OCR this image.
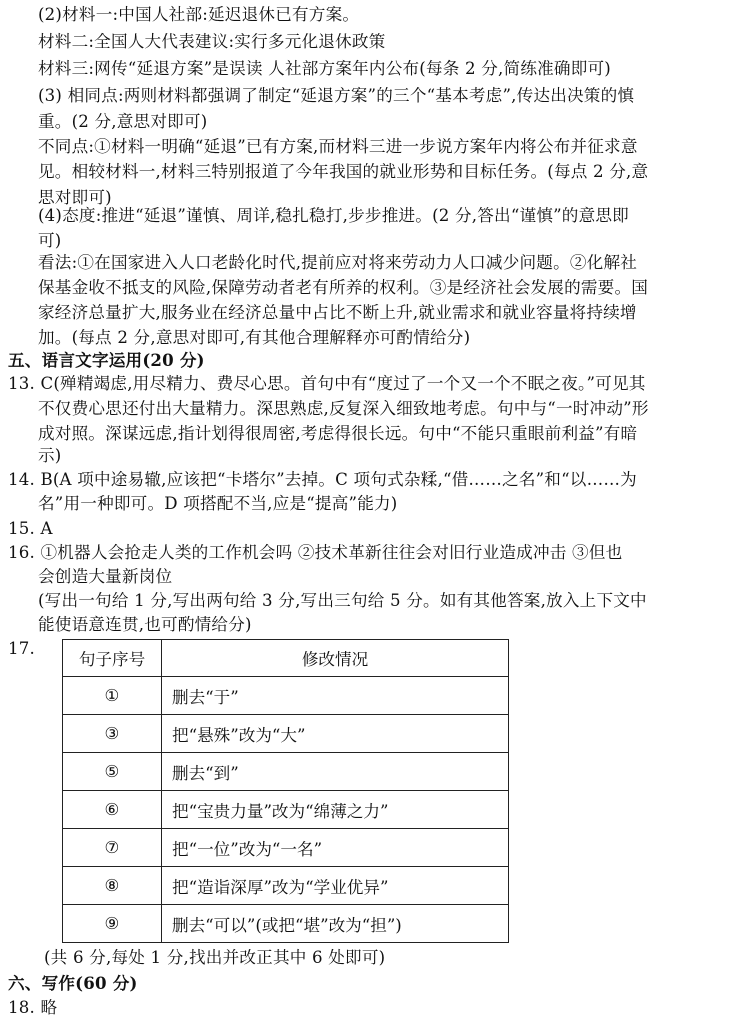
(2)材料一:中国人社部:延迟退休已有方案。
材料二:全国人大代表建议:实行多元化退休政策
材料三:网传“延退方案”是误读 人社部方案年内公布(每条 2 分,简练准确即可)
(3) 相同点:两则材料都强调了制定“延退方案”的三个“基本考虑”,传达出决策的慎
重。(2 分,意思对即可)
不同点:①材料一明确“延退”已有方案,而材料三进一步说方案年内将公布并征求意
见。相较材料一,材料三特别报道了今年我国的就业形势和目标任务。(每点 2 分,意
思对即可)
(4)态度:推进“延退”谨慎、周详,稳扎稳打,步步推进。(2 分,答出“谨慎”的意思即
可)
看法:①在国家进入人口老龄化时代,提前应对将来劳动力人口减少问题。②化解社
保基金收不抵支的风险,保障劳动者老有所养的权利。③是经济社会发展的需要。国
家经济总量扩大,服务业在经济总量中占比不断上升,就业需求和就业容量将持续增
加。(每点 2 分,意思对即可,有其他合理解释亦可酌情给分)
五、语言文字运用(20 分)
13. C(殚精竭虑,用尽精力、费尽心思。首句中有“度过了一个又一个不眠之夜。”可见其
不仅费心思还付出大量精力。深思熟虑,反复深入细致地考虑。句中与“一时冲动”形
成对照。深谋远虑,指计划得很周密,考虑得很长远。句中“不能只重眼前利益”有暗
示)
14. B(A 项中途易辙,应该把“卡塔尔”去掉。C 项句式杂糅,“借……之名”和“以……为
名”用一种即可。D 项搭配不当,应是“提高”能力)
15. A
16. ①机器人会抢走人类的工作机会吗 ②技术革新往往会对旧行业造成冲击 ③但也
会创造大量新岗位
(写出一句给 1 分,写出两句给 3 分,写出三句给 5 分。如有其他答案,放入上下文中
能使语意连贯,也可酌情给分)
17.
句子序号	修改情况
①	删去“于”
③	把“悬殊”改为“大”
⑤	删去“到”
⑥	把“宝贵力量”改为“绵薄之力”
⑦	把“一位”改为“一名”
⑧	把“造诣深厚”改为“学业优异”
⑨	删去“可以”(或把“堪”改为“担”)
(共 6 分,每处 1 分,找出并改正其中 6 处即可)
六、写作(60 分)
18. 略
